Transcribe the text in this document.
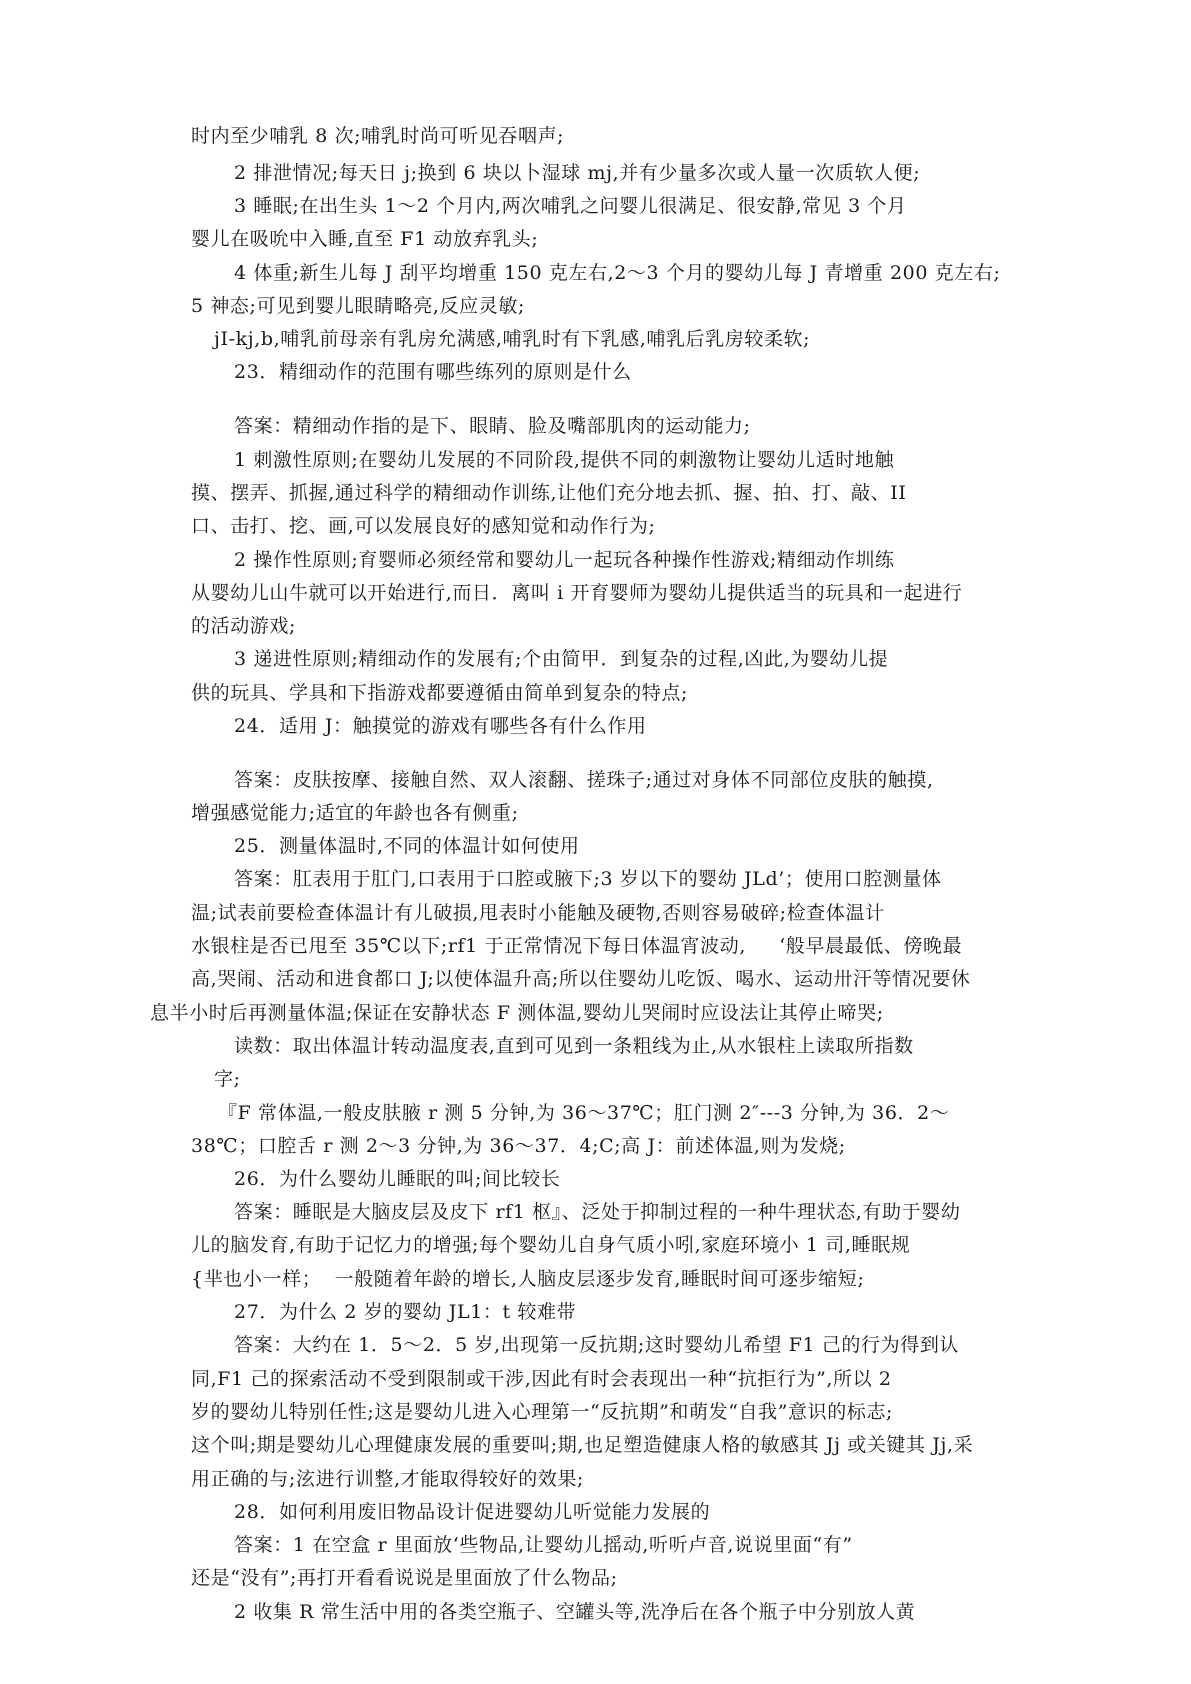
时内至少哺乳 8 次;哺乳时尚可听见吞咽声;
2 排泄情况;每天日 j;换到 6 块以卜湿球 mj,并有少量多次或人量一次质软人便;
3 睡眠;在出生头 1～2 个月内,两次哺乳之问婴儿很满足、很安静,常见 3 个月
婴儿在吸吮中入睡,直至 F1 动放弃乳头;
4 体重;新生儿每 J 刮平均增重 150 克左右,2～3 个月的婴幼儿每 J 青增重 200 克左右;
5 神态;可见到婴儿眼睛略亮,反应灵敏;
jI-kj,b,哺乳前母亲有乳房允满感,哺乳时有下乳感,哺乳后乳房较柔软;
23．精细动作的范围有哪些练列的原则是什么
答案：精细动作指的是下、眼睛、脸及嘴部肌肉的运动能力;
1 刺激性原则;在婴幼儿发展的不同阶段,提供不同的刺激物让婴幼儿适时地触
摸、摆弄、抓握,通过科学的精细动作训练,让他们充分地去抓、握、拍、打、敲、II
口、击打、挖、画,可以发展良好的感知觉和动作行为;
2 操作性原则;育婴师必须经常和婴幼儿一起玩各种操作性游戏;精细动作圳练
从婴幼儿山牛就可以开始进行,而日．离叫 i 开育婴师为婴幼儿提供适当的玩具和一起进行
的活动游戏;
3 递进性原则;精细动作的发展有;个由简甲．到复杂的过程,凶此,为婴幼儿提
供的玩具、学具和下指游戏都要遵循由简单到复杂的特点;
24．适用 J：触摸觉的游戏有哪些各有什么作用
答案：皮肤按摩、接触自然、双人滚翻、搓珠子;通过对身体不同部位皮肤的触摸,
增强感觉能力;适宜的年龄也各有侧重;
25．测量体温时,不同的体温计如何使用
答案：肛表用于肛门,口表用于口腔或腋下;3 岁以下的婴幼 JLd’；使用口腔测量体
温;试表前要检查体温计有儿破损,甩表时小能触及硬物,否则容易破碎;检查体温计
水银柱是否已甩至 35℃以下;rf1 于正常情况下每日体温宵波动,     ‘般早晨最低、傍晚最
高,哭闹、活动和进食都口 J;以使体温升高;所以住婴幼儿吃饭、喝水、运动卅汗等情况要休
息半小时后再测量体温;保证在安静状态 F 测体温,婴幼儿哭闹时应设法让其停止啼哭;
读数：取出体温计转动温度表,直到可见到一条粗线为止,从水银柱上读取所指数
字;
『F 常体温,一般皮肤腋 r 测 5 分钟,为 36～37℃；肛门测 2″---3 分钟,为 36．2～
38℃；口腔舌 r 测 2～3 分钟,为 36～37．4;C;高 J：前述体温,则为发烧;
26．为什么婴幼儿睡眠的叫;间比较长
答案：睡眠是大脑皮层及皮下 rf1 枢』、泛处于抑制过程的一种牛理状态,有助于婴幼
儿的脑发育,有助于记忆力的增强;每个婴幼儿自身气质小吲,家庭环境小 1 司,睡眠规
{芈也小一样；  一般随着年龄的增长,人脑皮层逐步发育,睡眠时间可逐步缩短;
27．为什么 2 岁的婴幼 JL1：t 较难带
答案：大约在 1．5～2．5 岁,出现第一反抗期;这时婴幼儿希望 F1 己的行为得到认
同,F1 己的探索活动不受到限制或干涉,因此有时会表现出一种“抗拒行为”,所以 2
岁的婴幼儿特别任性;这是婴幼儿进入心理第一“反抗期”和萌发“自我”意识的标志;
这个叫;期是婴幼儿心理健康发展的重要叫;期,也足塑造健康人格的敏感其 Jj 或关键其 Jj,采
用正确的与;泫进行训整,才能取得较好的效果;
28．如何利用废旧物品设计促进婴幼儿听觉能力发展的
答案：1 在空盒 r 里面放‘些物品,让婴幼儿摇动,听听卢音,说说里面“有”
还是“没有”;再打开看看说说是里面放了什么物品;
2 收集 R 常生活中用的各类空瓶子、空罐头等,洗净后在各个瓶子中分别放人黄
